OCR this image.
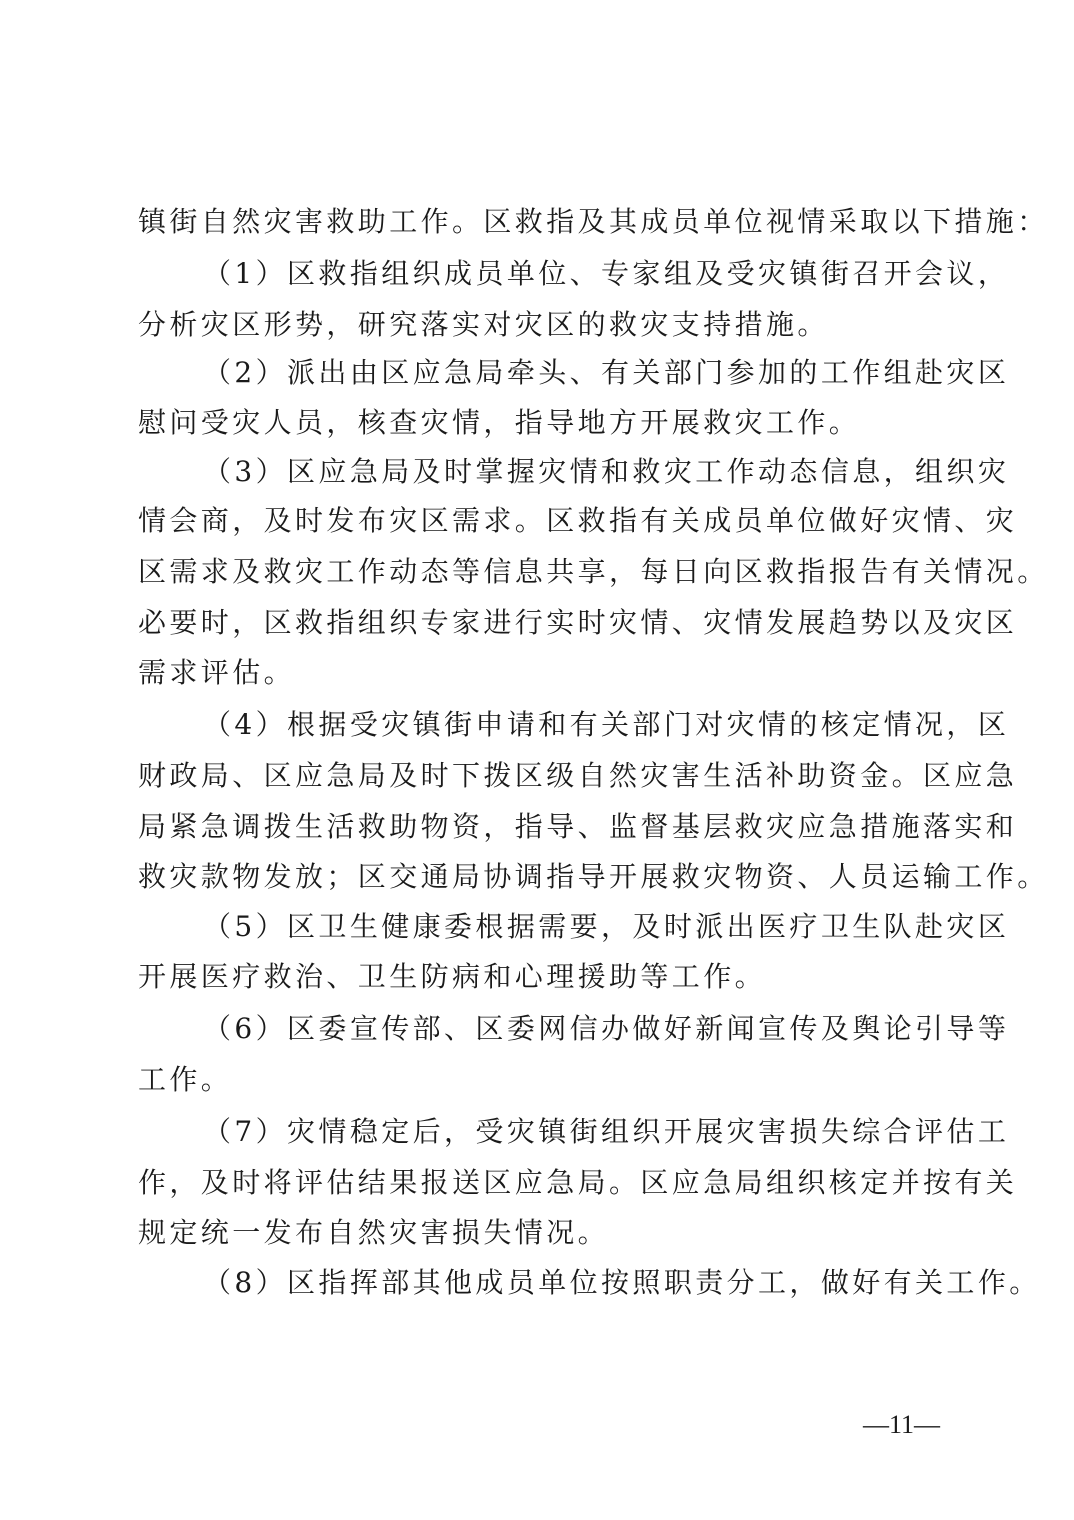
镇街自然灾害救助工作。区救指及其成员单位视情采取以下措施：
（1）区救指组织成员单位、专家组及受灾镇街召开会议，
分析灾区形势，研究落实对灾区的救灾支持措施。
（2）派出由区应急局牵头、有关部门参加的工作组赴灾区
慰问受灾人员，核查灾情，指导地方开展救灾工作。
（3）区应急局及时掌握灾情和救灾工作动态信息，组织灾
情会商，及时发布灾区需求。区救指有关成员单位做好灾情、灾
区需求及救灾工作动态等信息共享，每日向区救指报告有关情况。
必要时，区救指组织专家进行实时灾情、灾情发展趋势以及灾区
需求评估。
（4）根据受灾镇街申请和有关部门对灾情的核定情况，区
财政局、区应急局及时下拨区级自然灾害生活补助资金。区应急
局紧急调拨生活救助物资，指导、监督基层救灾应急措施落实和
救灾款物发放；区交通局协调指导开展救灾物资、人员运输工作。
（5）区卫生健康委根据需要，及时派出医疗卫生队赴灾区
开展医疗救治、卫生防病和心理援助等工作。
（6）区委宣传部、区委网信办做好新闻宣传及舆论引导等
工作。
（7）灾情稳定后，受灾镇街组织开展灾害损失综合评估工
作，及时将评估结果报送区应急局。区应急局组织核定并按有关
规定统一发布自然灾害损失情况。
（8）区指挥部其他成员单位按照职责分工，做好有关工作。
—11—
